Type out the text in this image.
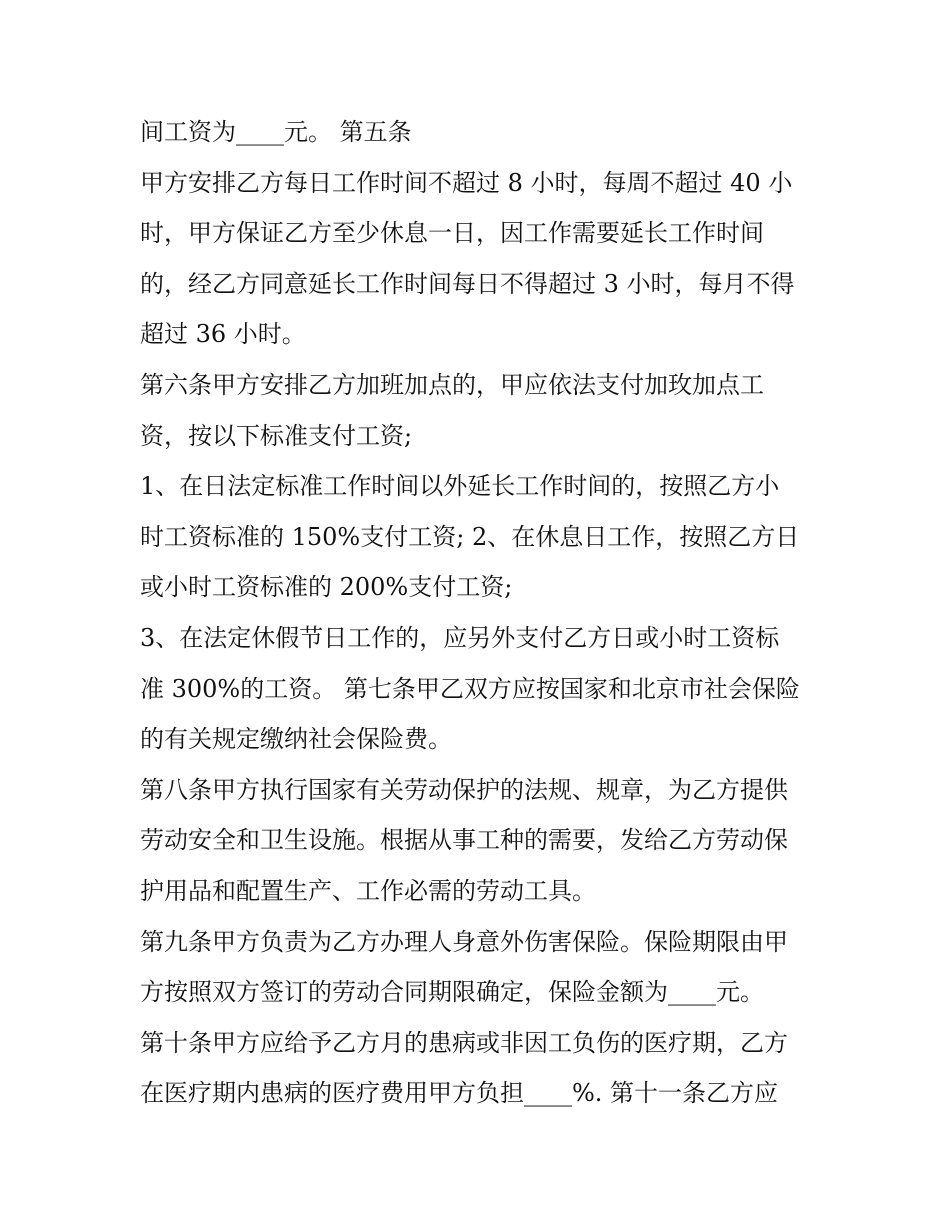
间工资为____元。 第五条

甲方安排乙方每日工作时间不超过 8 小时，每周不超过 40 小

时，甲方保证乙方至少休息一日，因工作需要延长工作时间

的，经乙方同意延长工作时间每日不得超过 3 小时，每月不得

超过 36 小时。

第六条甲方安排乙方加班加点的，甲应依法支付加玫加点工

资，按以下标准支付工资;

1、在日法定标准工作时间以外延长工作时间的，按照乙方小

时工资标准的 150%支付工资; 2、在休息日工作，按照乙方日

或小时工资标准的 200%支付工资;

3、在法定休假节日工作的，应另外支付乙方日或小时工资标

准 300%的工资。 第七条甲乙双方应按国家和北京市社会保险

的有关规定缴纳社会保险费。

第八条甲方执行国家有关劳动保护的法规、规章，为乙方提供

劳动安全和卫生设施。根据从事工种的需要，发给乙方劳动保

护用品和配置生产、工作必需的劳动工具。

第九条甲方负责为乙方办理人身意外伤害保险。保险期限由甲

方按照双方签订的劳动合同期限确定，保险金额为____元。

第十条甲方应给予乙方月的患病或非因工负伤的医疗期，乙方

在医疗期内患病的医疗费用甲方负担____%. 第十一条乙方应
